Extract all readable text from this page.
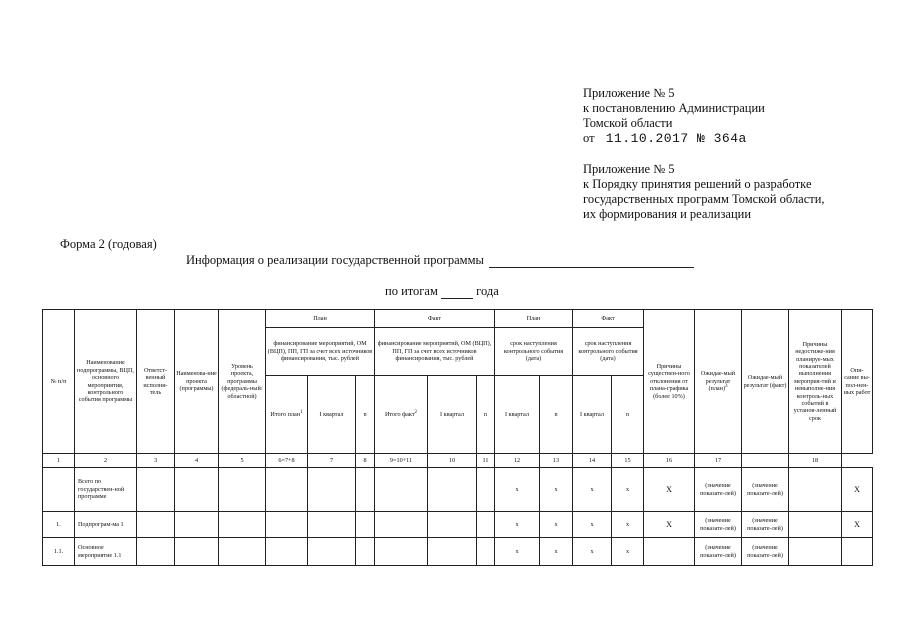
Приложение № 5
к постановлению Администрации
Томской области
от 11.10.2017 № 364а
Приложение № 5
к Порядку принятия решений о разработке
государственных программ Томской области,
их формирования и реализации
Форма 2 (годовая)
Информация о реализации государственной программы
по итогам	года
№ п/п	Наименование подпрограммы, ВЦП, основного мероприятия, контрольного события программы	Ответст-венный исполни-тель	Наименова-ние проекта (программы)	Уровень проекта, программы (федераль-ный/ областной)	План			Факт			План		Факт		Причины существен-ного отклонения от плана-графика (более 10%)	Ожидае-мый результат (план)$^3$	Ожидае-мый результат (факт)	Причины недостиже-ния планируе-мых показателей выполнения мероприя-тий и невыполне-ния контроль-ных событий в установ-ленный срок	Опи-сание вы-пол-нен-ных работ
					финансирование мероприятий, ОМ (ВЦП), ПП, ГП за счет всех источников финансирования, тыс. рублей			финансирование мероприятий, ОМ (ВЦП), ПП, ГП за счет всех источников финансирования, тыс. рублей			срок наступления контрольного события (дата)		срок наступления контрольного события (дата)						
					Итого план$^1$	I квартал	n	Итого факт$^2$	I квартал	n	I квартал	n	I квартал	n					
1	2	3	4	5	6=7+8	7	8	9=10+11	10	11	12	13	14	15	16	17		18
	Всего по государствен-ной программе										x	x	x	x	X	(значение показате-лей)	(значение показате-лей)		X
1.	Подпрограм-ма 1										x	x	x	x	X	(значение показате-лей)	(значение показате-лей)		X
1.1.	Основное мероприятие 1.1										x	x	x	x		(значение показате-лей)	(значение показате-лей)		
